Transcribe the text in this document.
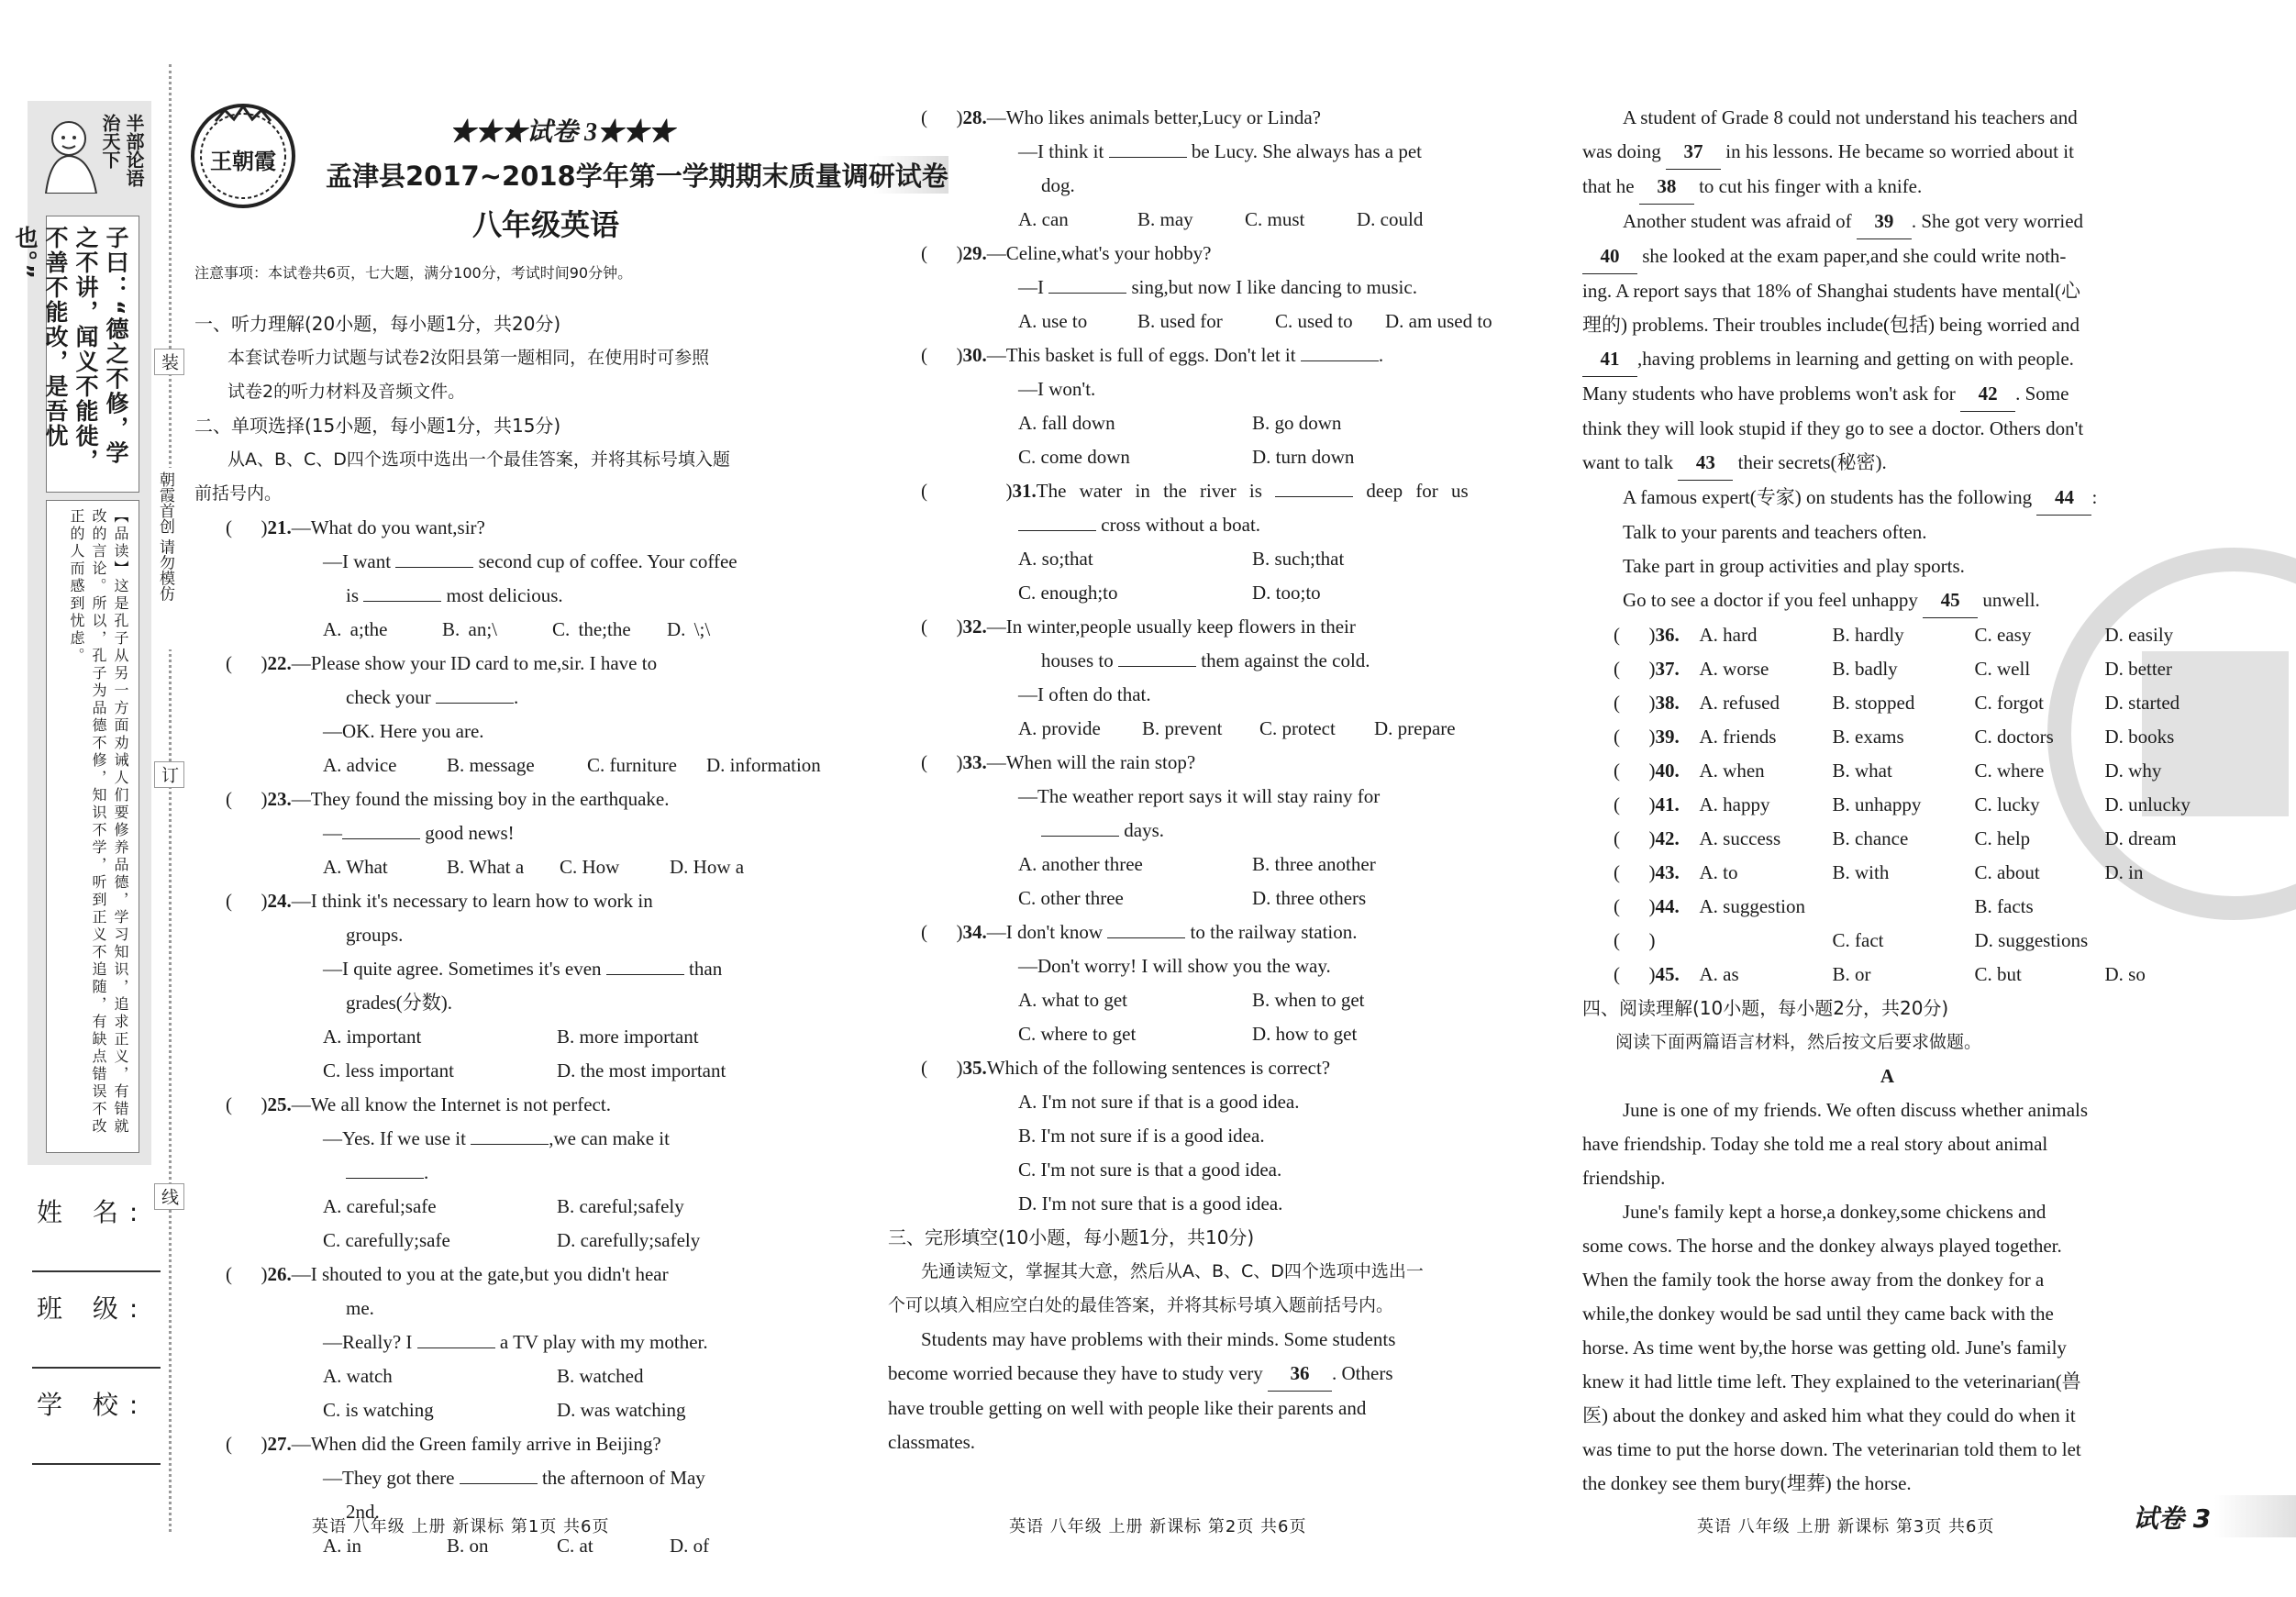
半部论语治天下
子曰：“德之不修，学之不讲，闻义不能徙，不善不能改，是吾忧也。”
【品读】这是孔子从另一方面劝诫人们要修养品德，学习知识，追求正义，有错就改的言论。所以，孔子为品德不修，知识不学，听到正义不追随，有缺点错误不改正的人而感到忧虑。
装
朝霞首创 请勿模仿
订
线
姓 名:
班 级:
学 校:
王朝霞
★★★试卷 3★★★
孟津县2017~2018学年第一学期期末质量调研试卷
八年级英语
注意事项：本试卷共6页，七大题，满分100分，考试时间90分钟。
一、听力理解(20小题，每小题1分，共20分)
本套试卷听力试题与试卷2汝阳县第一题相同，在使用时可参照
试卷2的听力材料及音频文件。
二、单项选择(15小题，每小题1分，共15分)
从A、B、C、D四个选项中选出一个最佳答案，并将其标号填入题
前括号内。
(      )21.—What do you want,sir?
—I want	second cup of coffee. Your coffee
is	most delicious.
A. a;the	B. an;\	C. the;the D. \;\
(      )22.—Please show your ID card to me,sir. I have to
check your	.
—OK. Here you are.
A. advice	B. message	C. furniture D. information
(      )23.—They found the missing boy in the earthquake.
—	good news!
A. What	B. What a C. How	D. How a
(      )24.—I think it's necessary to learn how to work in
groups.
—I quite agree. Sometimes it's even	than
grades(分数).
A. important	B. more important
C. less important	D. the most important
(      )25.—We all know the Internet is not perfect.
—Yes. If we use it	,we can make it
.
A. careful;safe	B. careful;safely
C. carefully;safe	D. carefully;safely
(      )26.—I shouted to you at the gate,but you didn't hear
me.
—Really? I	a TV play with my mother.
A. watch	B. watched
C. is watching	D. was watching
(      )27.—When did the Green family arrive in Beijing?
—They got there	the afternoon of May
2nd.
A. in	B. on	C. at	D. of
(      )28.—Who likes animals better,Lucy or Linda?
—I think it	be Lucy. She always has a pet
dog.
A. can	B. may	C. must	D. could
(      )29.—Celine,what's your hobby?
—I	sing,but now I like dancing to music.
A. use to	B. used for	C. used to D. am used to
(      )30.—This basket is full of eggs. Don't let it	.
—I won't.
A. fall down	B. go down
C. come down	D. turn down
(      )31.The water in the river is	deep for us
cross without a boat.
A. so;that	B. such;that
C. enough;to	D. too;to
(      )32.—In winter,people usually keep flowers in their
houses to	them against the cold.
—I often do that.
A. provide B. prevent C. protect D. prepare
(      )33.—When will the rain stop?
—The weather report says it will stay rainy for
days.
A. another three	B. three another
C. other three	D. three others
(      )34.—I don't know	to the railway station.
—Don't worry! I will show you the way.
A. what to get	B. when to get
C. where to get	D. how to get
(      )35.Which of the following sentences is correct?
A. I'm not sure if that is a good idea.
B. I'm not sure if is a good idea.
C. I'm not sure is that a good idea.
D. I'm not sure that is a good idea.
三、完形填空(10小题，每小题1分，共10分)
先通读短文，掌握其大意，然后从A、B、C、D四个选项中选出一
个可以填入相应空白处的最佳答案，并将其标号填入题前括号内。
Students may have problems with their minds. Some students
become worried because they have to study very 36 . Others
have trouble getting on well with people like their parents and
classmates.
A student of Grade 8 could not understand his teachers and
was doing 37 in his lessons. He became so worried about it
that he 38 to cut his finger with a knife.
Another student was afraid of 39 . She got very worried
40 she looked at the exam paper,and she could write noth-
ing. A report says that 18% of Shanghai students have mental(心
理的) problems. Their troubles include(包括) being worried and
41 ,having problems in learning and getting on with people.
Many students who have problems won't ask for 42 . Some
think they will look stupid if they go to see a doctor. Others don't
want to talk 43 their secrets(秘密).
A famous expert(专家) on students has the following 44 :
Talk to your parents and teachers often.
Take part in group activities and play sports.
Go to see a doctor if you feel unhappy 45 unwell.
(      )36. A. hard	B. hardly	C. easy	D. easily
(      )37. A. worse	B. badly	C. well	D. better
(      )38. A. refused	B. stopped	C. forgot	D. started
(      )39. A. friends	B. exams	C. doctors	D. books
(      )40. A. when	B. what	C. where	D. why
(      )41. A. happy	B. unhappy	C. lucky	D. unlucky
(      )42. A. success	B. chance	C. help	D. dream
(      )43. A. to	B. with	C. about	D. in
(      )44. A. suggestion	B. facts
(      )	C. fact	D. suggestions
(      )45. A. as	B. or	C. but	D. so
四、阅读理解(10小题，每小题2分，共20分)
阅读下面两篇语言材料，然后按文后要求做题。
A
June is one of my friends. We often discuss whether animals
have friendship. Today she told me a real story about animal
friendship.
June's family kept a horse,a donkey,some chickens and
some cows. The horse and the donkey always played together.
When the family took the horse away from the donkey for a
while,the donkey would be sad until they came back with the
horse. As time went by,the horse was getting old. June's family
knew it had little time left. They explained to the veterinarian(兽
医) about the donkey and asked him what they could do when it
was time to put the horse down. The veterinarian told them to let
the donkey see them bury(埋葬) the horse.
英语 八年级 上册 新课标 第1页 共6页	英语 八年级 上册 新课标 第2页 共6页	英语 八年级 上册 新课标 第3页 共6页	试卷 3
